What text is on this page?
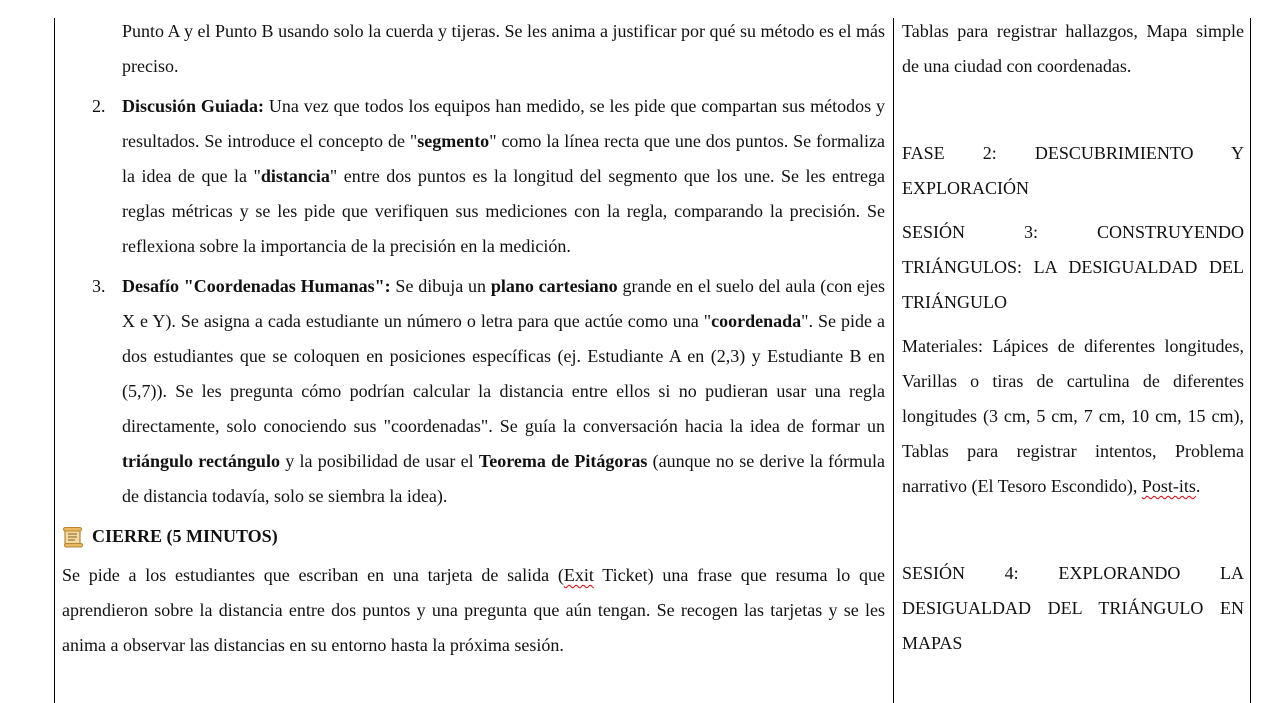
Punto A y el Punto B usando solo la cuerda y tijeras. Se les anima a justificar por qué su método es el más preciso.

2. Discusión Guiada: Una vez que todos los equipos han medido, se les pide que compartan sus métodos y resultados. Se introduce el concepto de "segmento" como la línea recta que une dos puntos. Se formaliza la idea de que la "distancia" entre dos puntos es la longitud del segmento que los une. Se les entrega reglas métricas y se les pide que verifiquen sus mediciones con la regla, comparando la precisión. Se reflexiona sobre la importancia de la precisión en la medición.

3. Desafío "Coordenadas Humanas": Se dibuja un plano cartesiano grande en el suelo del aula (con ejes X e Y). Se asigna a cada estudiante un número o letra para que actúe como una "coordenada". Se pide a dos estudiantes que se coloquen en posiciones específicas (ej. Estudiante A en (2,3) y Estudiante B en (5,7)). Se les pregunta cómo podrían calcular la distancia entre ellos si no pudieran usar una regla directamente, solo conociendo sus "coordenadas". Se guía la conversación hacia la idea de formar un triángulo rectángulo y la posibilidad de usar el Teorema de Pitágoras (aunque no se derive la fórmula de distancia todavía, solo se siembra la idea).

CIERRE (5 MINUTOS)

Se pide a los estudiantes que escriban en una tarjeta de salida (Exit Ticket) una frase que resuma lo que aprendieron sobre la distancia entre dos puntos y una pregunta que aún tengan. Se recogen las tarjetas y se les anima a observar las distancias en su entorno hasta la próxima sesión.

Tablas para registrar hallazgos, Mapa simple de una ciudad con coordenadas.

FASE 2: DESCUBRIMIENTO Y EXPLORACIÓN

SESIÓN 3: CONSTRUYENDO TRIÁNGULOS: LA DESIGUALDAD DEL TRIÁNGULO

Materiales: Lápices de diferentes longitudes, Varillas o tiras de cartulina de diferentes longitudes (3 cm, 5 cm, 7 cm, 10 cm, 15 cm), Tablas para registrar intentos, Problema narrativo (El Tesoro Escondido), Post-its.

SESIÓN 4: EXPLORANDO LA DESIGUALDAD DEL TRIÁNGULO EN MAPAS
